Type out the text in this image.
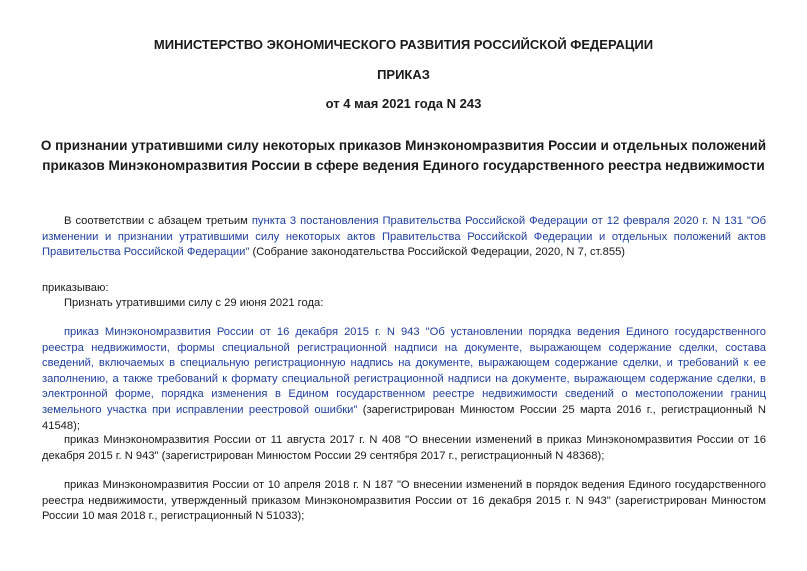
МИНИСТЕРСТВО ЭКОНОМИЧЕСКОГО РАЗВИТИЯ РОССИЙСКОЙ ФЕДЕРАЦИИ
ПРИКАЗ
от 4 мая 2021 года N 243
О признании утратившими силу некоторых приказов Минэкономразвития России и отдельных положений приказов Минэкономразвития России в сфере ведения Единого государственного реестра недвижимости
В соответствии с абзацем третьим пункта 3 постановления Правительства Российской Федерации от 12 февраля 2020 г. N 131 "Об изменении и признании утратившими силу некоторых актов Правительства Российской Федерации и отдельных положений актов Правительства Российской Федерации" (Собрание законодательства Российской Федерации, 2020, N 7, ст.855)
приказываю:
Признать утратившими силу с 29 июня 2021 года:
приказ Минэкономразвития России от 16 декабря 2015 г. N 943 "Об установлении порядка ведения Единого государственного реестра недвижимости, формы специальной регистрационной надписи на документе, выражающем содержание сделки, состава сведений, включаемых в специальную регистрационную надпись на документе, выражающем содержание сделки, и требований к ее заполнению, а также требований к формату специальной регистрационной надписи на документе, выражающем содержание сделки, в электронной форме, порядка изменения в Едином государственном реестре недвижимости сведений о местоположении границ земельного участка при исправлении реестровой ошибки" (зарегистрирован Минюстом России 25 марта 2016 г., регистрационный N 41548);
приказ Минэкономразвития России от 11 августа 2017 г. N 408 "О внесении изменений в приказ Минэкономразвития России от 16 декабря 2015 г. N 943" (зарегистрирован Минюстом России 29 сентября 2017 г., регистрационный N 48368);
приказ Минэкономразвития России от 10 апреля 2018 г. N 187 "О внесении изменений в порядок ведения Единого государственного реестра недвижимости, утвержденный приказом Минэкономразвития России от 16 декабря 2015 г. N 943" (зарегистрирован Минюстом России 10 мая 2018 г., регистрационный N 51033);
